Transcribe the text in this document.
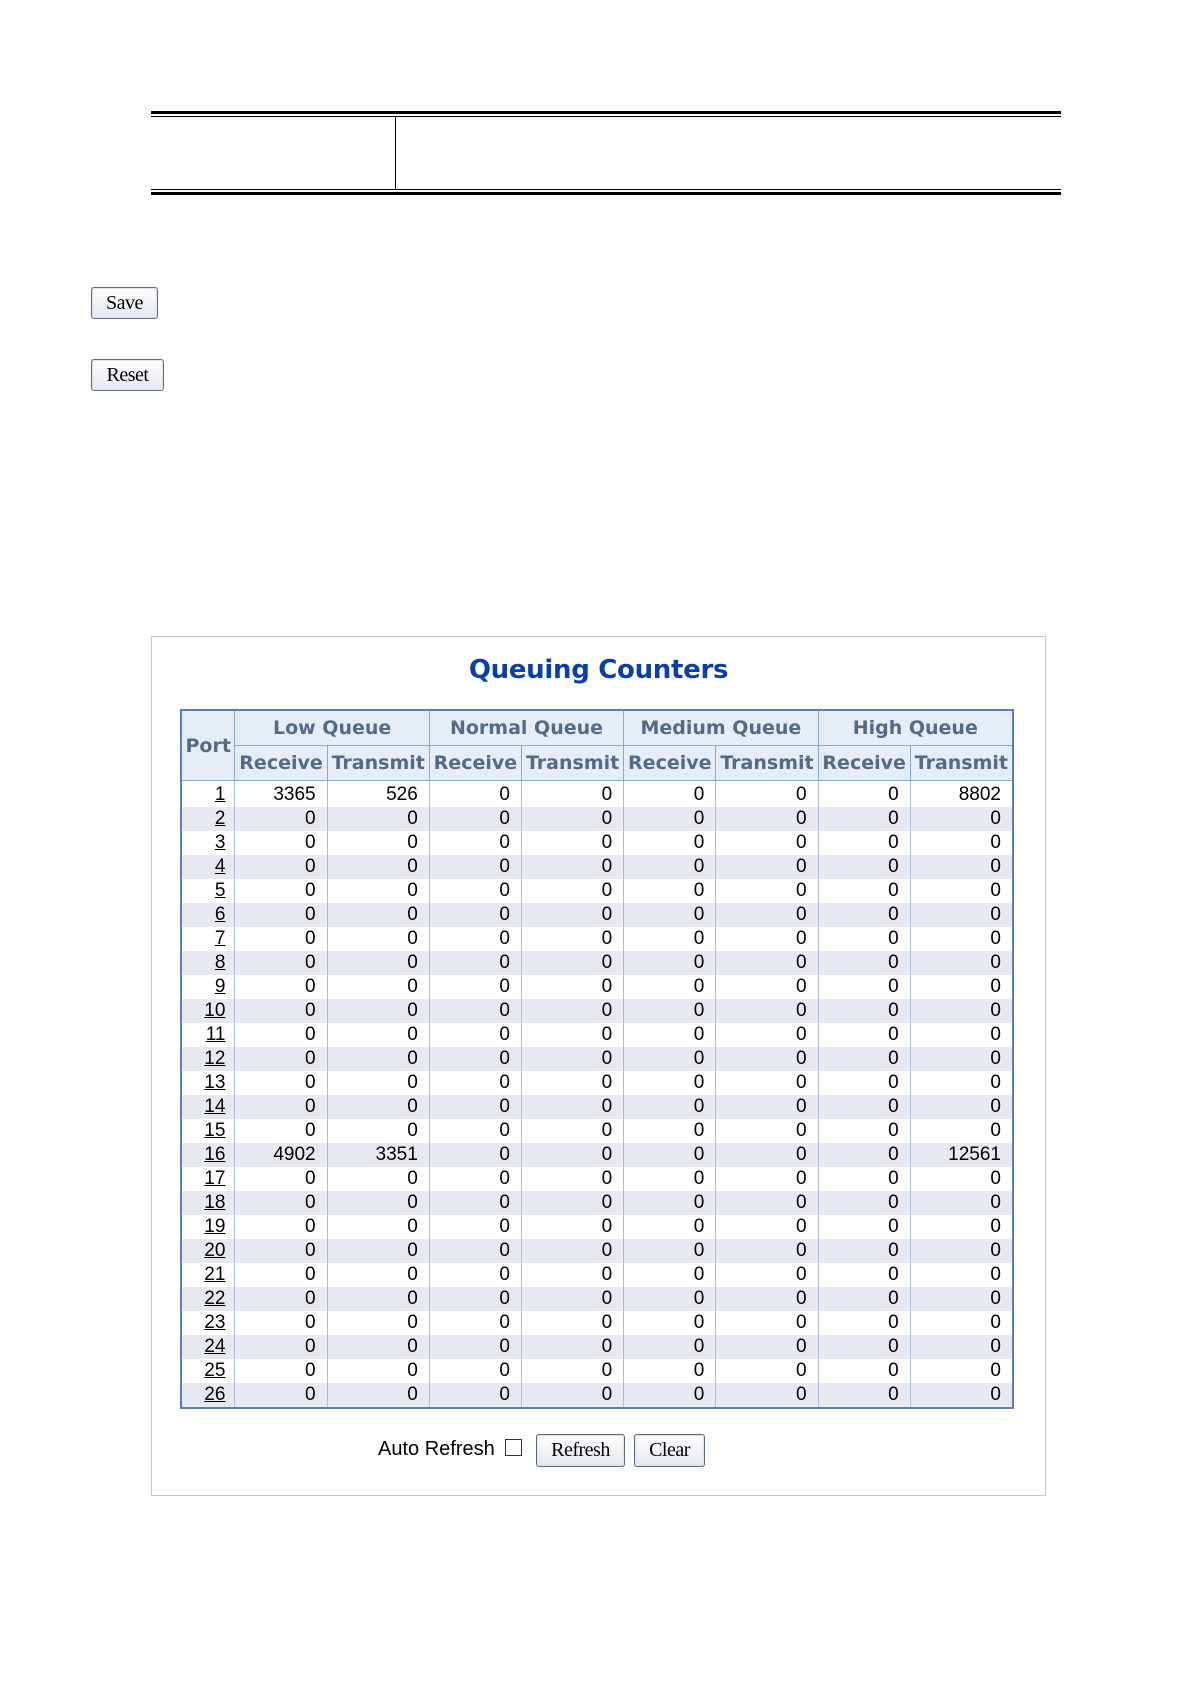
Save
Reset
Queuing Counters
Port	Low Queue		Normal Queue		Medium Queue		High Queue	
	Receive	Transmit	Receive	Transmit	Receive	Transmit	Receive	Transmit
1	3365	526	0	0	0	0	0	8802
2	0	0	0	0	0	0	0	0
3	0	0	0	0	0	0	0	0
4	0	0	0	0	0	0	0	0
5	0	0	0	0	0	0	0	0
6	0	0	0	0	0	0	0	0
7	0	0	0	0	0	0	0	0
8	0	0	0	0	0	0	0	0
9	0	0	0	0	0	0	0	0
10	0	0	0	0	0	0	0	0
11	0	0	0	0	0	0	0	0
12	0	0	0	0	0	0	0	0
13	0	0	0	0	0	0	0	0
14	0	0	0	0	0	0	0	0
15	0	0	0	0	0	0	0	0
16	4902	3351	0	0	0	0	0	12561
17	0	0	0	0	0	0	0	0
18	0	0	0	0	0	0	0	0
19	0	0	0	0	0	0	0	0
20	0	0	0	0	0	0	0	0
21	0	0	0	0	0	0	0	0
22	0	0	0	0	0	0	0	0
23	0	0	0	0	0	0	0	0
24	0	0	0	0	0	0	0	0
25	0	0	0	0	0	0	0	0
26	0	0	0	0	0	0	0	0
Auto Refresh	Refresh	Clear
